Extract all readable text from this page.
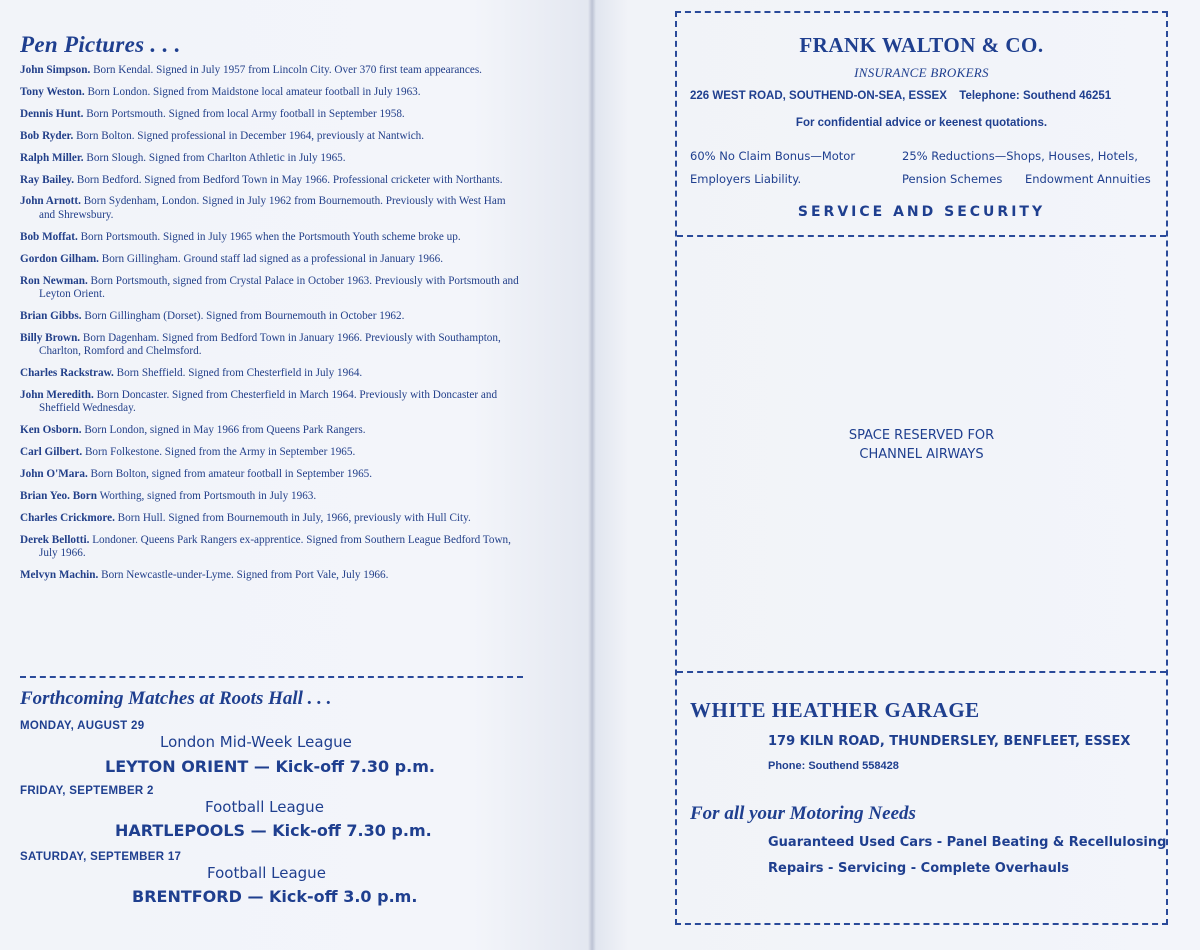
Pen Pictures . . .
John Simpson. Born Kendal. Signed in July 1957 from Lincoln City. Over 370 first team appearances.
Tony Weston. Born London. Signed from Maidstone local amateur football in July 1963.
Dennis Hunt. Born Portsmouth. Signed from local Army football in September 1958.
Bob Ryder. Born Bolton. Signed professional in December 1964, previously at Nantwich.
Ralph Miller. Born Slough. Signed from Charlton Athletic in July 1965.
Ray Bailey. Born Bedford. Signed from Bedford Town in May 1966. Professional cricketer with Northants.
John Arnott. Born Sydenham, London. Signed in July 1962 from Bournemouth. Previously with West Ham and Shrewsbury.
Bob Moffat. Born Portsmouth. Signed in July 1965 when the Portsmouth Youth scheme broke up.
Gordon Gilham. Born Gillingham. Ground staff lad signed as a professional in January 1966.
Ron Newman. Born Portsmouth, signed from Crystal Palace in October 1963. Previously with Portsmouth and Leyton Orient.
Brian Gibbs. Born Gillingham (Dorset). Signed from Bournemouth in October 1962.
Billy Brown. Born Dagenham. Signed from Bedford Town in January 1966. Previously with Southampton, Charlton, Romford and Chelmsford.
Charles Rackstraw. Born Sheffield. Signed from Chesterfield in July 1964.
John Meredith. Born Doncaster. Signed from Chesterfield in March 1964. Previously with Doncaster and Sheffield Wednesday.
Ken Osborn. Born London, signed in May 1966 from Queens Park Rangers.
Carl Gilbert. Born Folkestone. Signed from the Army in September 1965.
John O'Mara. Born Bolton, signed from amateur football in September 1965.
Brian Yeo. Born Worthing, signed from Portsmouth in July 1963.
Charles Crickmore. Born Hull. Signed from Bournemouth in July, 1966, previously with Hull City.
Derek Bellotti. Londoner. Queens Park Rangers ex-apprentice. Signed from Southern League Bedford Town, July 1966.
Melvyn Machin. Born Newcastle-under-Lyme. Signed from Port Vale, July 1966.
Forthcoming Matches at Roots Hall . . .
MONDAY, AUGUST 29
London Mid-Week League
LEYTON ORIENT — Kick-off 7.30 p.m.
FRIDAY, SEPTEMBER 2
Football League
HARTLEPOOLS — Kick-off 7.30 p.m.
SATURDAY, SEPTEMBER 17
Football League
BRENTFORD — Kick-off 3.0 p.m.
FRANK WALTON & CO.
INSURANCE BROKERS
226 WEST ROAD, SOUTHEND-ON-SEA, ESSEX Telephone: Southend 46251
For confidential advice or keenest quotations.
60% No Claim Bonus—Motor
Employers Liability.
25% Reductions—Shops, Houses, Hotels,
Pension Schemes Endowment Annuities
SERVICE AND SECURITY
SPACE RESERVED FOR
CHANNEL AIRWAYS
WHITE HEATHER GARAGE
179 KILN ROAD, THUNDERSLEY, BENFLEET, ESSEX
Phone: Southend 558428
For all your Motoring Needs
Guaranteed Used Cars - Panel Beating & Recellulosing
Repairs - Servicing - Complete Overhauls
